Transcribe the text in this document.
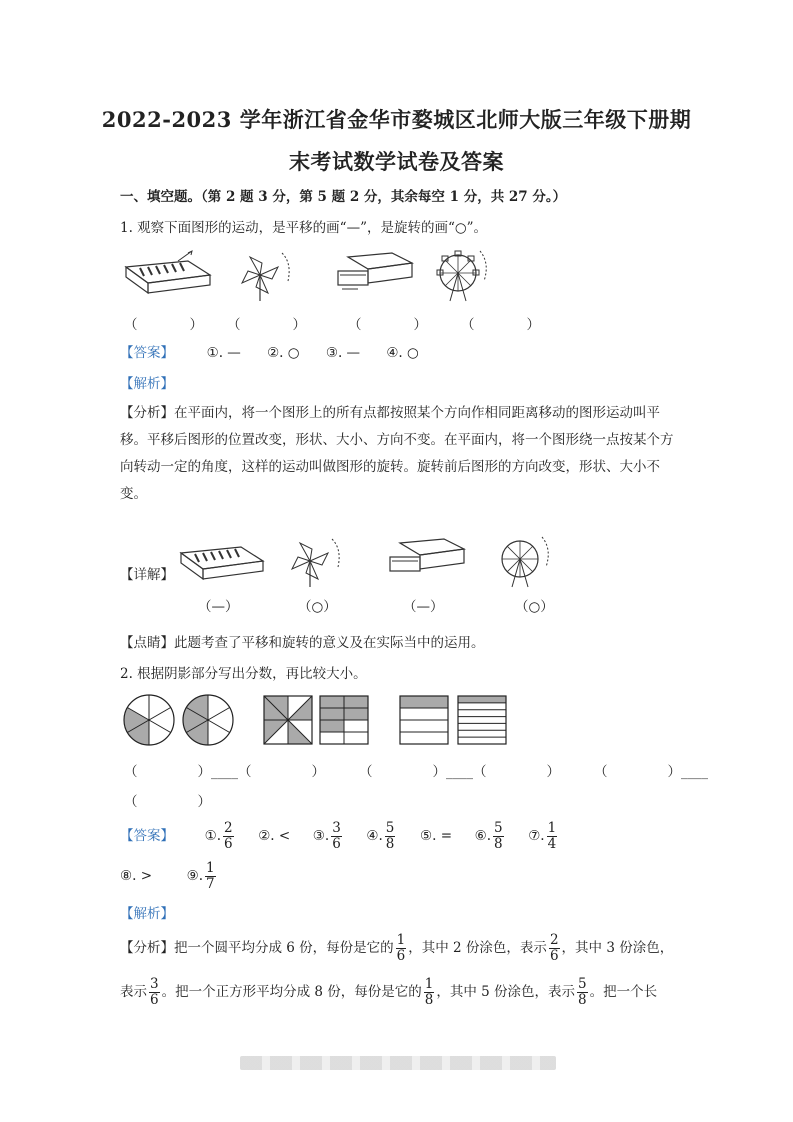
2022-2023 学年浙江省金华市婺城区北师大版三年级下册期
末考试数学试卷及答案
一、填空题。（第 2 题 3 分，第 5 题 2 分，其余每空 1 分，共 27 分。）
1. 观察下面图形的运动，是平移的画“—”，是旋转的画“○”。
（	） （	）	（	）	（	）
【答案】 ①. — ②. ○ ③. — ④. ○
【解析】
【分析】在平面内，将一个图形上的所有点都按照某个方向作相同距离移动的图形运动叫平移。平移后图形的位置改变，形状、大小、方向不变。在平面内，将一个图形绕一点按某个方向转动一定的角度，这样的运动叫做图形的旋转。旋转前后图形的方向改变，形状、大小不变。
【详解】
（—）	（○）	（—）	（○）
【点睛】此题考查了平移和旋转的意义及在实际当中的运用。
2. 根据阴影部分写出分数，再比较大小。
（	）____（	）	（	）____（	）	（	）____
（	）
【答案】 ①. $\frac{2}{6}$ ②. < ③. $\frac{3}{6}$ ④. $\frac{5}{8}$ ⑤. = ⑥. $\frac{5}{8}$ ⑦. $\frac{1}{4}$
⑧. >	⑨. $\frac{1}{7}$
【解析】
【分析】把一个圆平均分成 6 份，每份是它的 $\frac{1}{6}$ ，其中 2 份涂色，表示 $\frac{2}{6}$ ，其中 3 份涂色，
表示 $\frac{3}{6}$ 。把一个正方形平均分成 8 份，每份是它的 $\frac{1}{8}$ ，其中 5 份涂色，表示 $\frac{5}{8}$ 。把一个长
